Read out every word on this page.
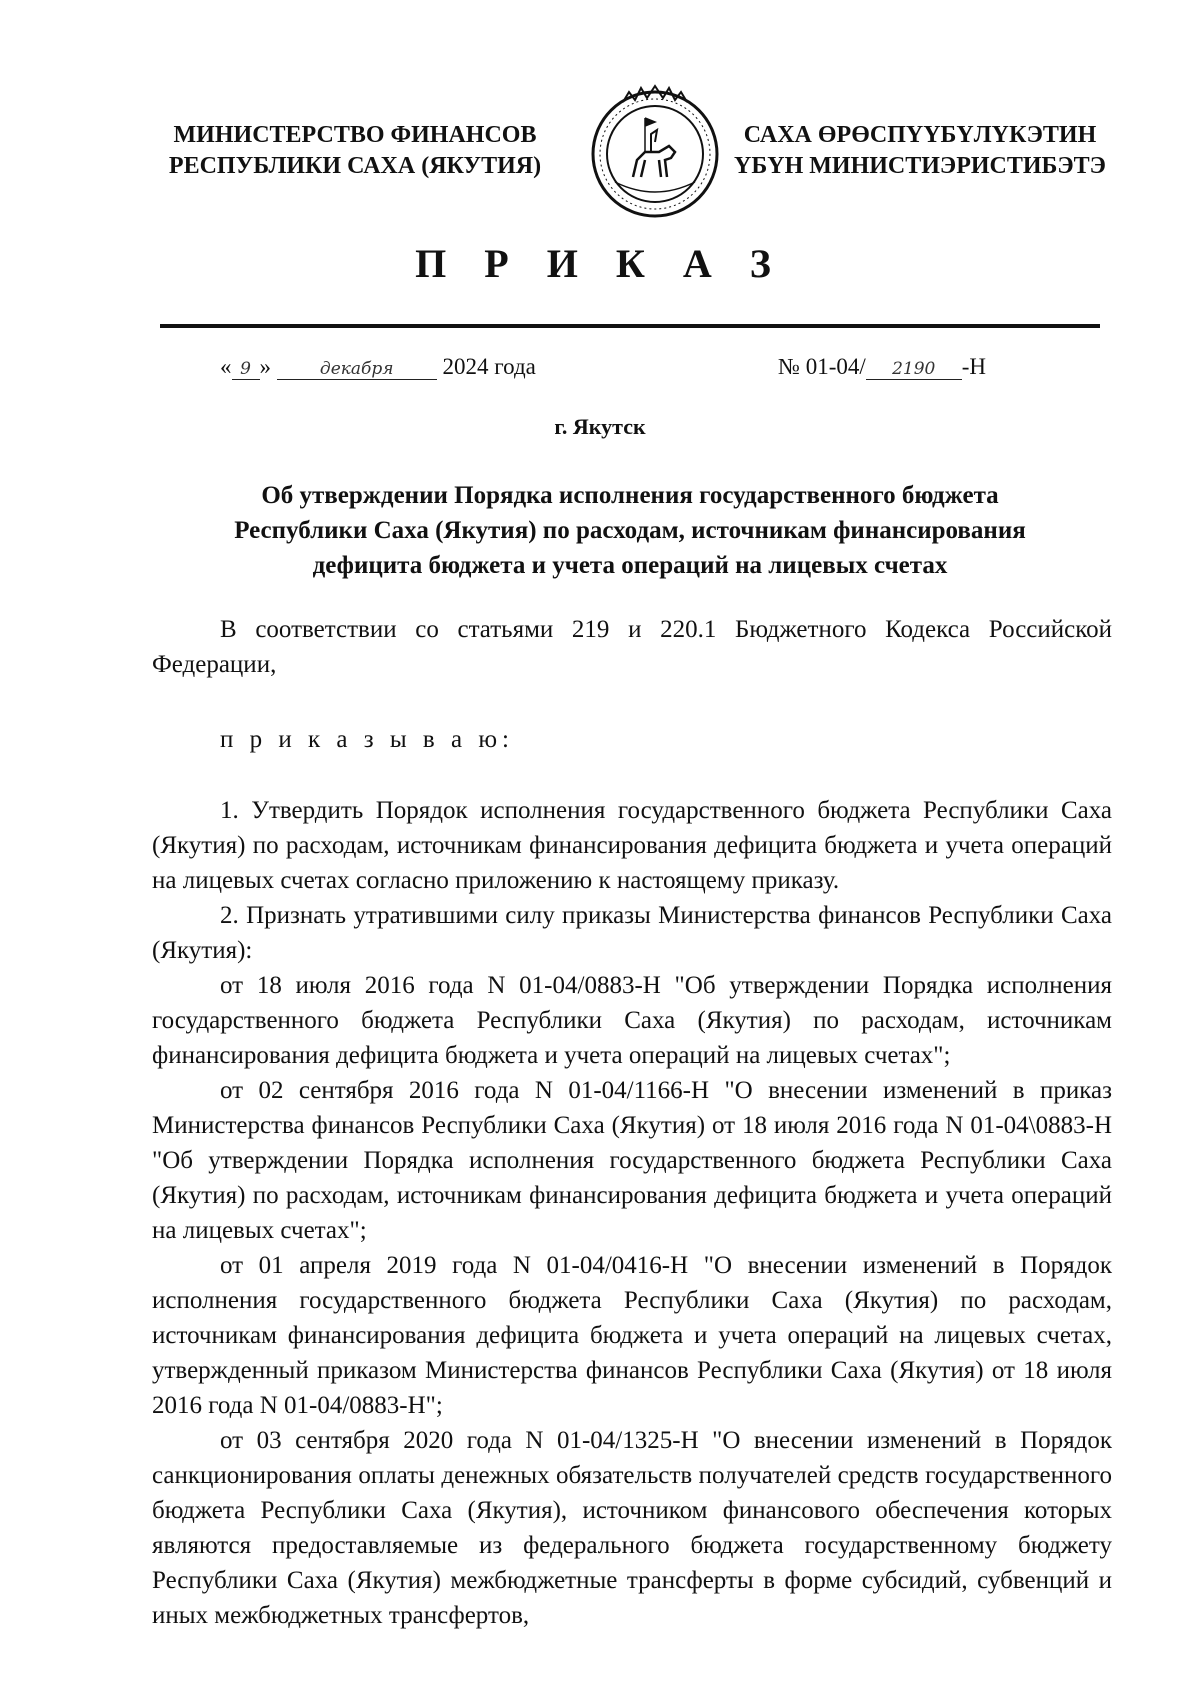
МИНИСТЕРСТВО ФИНАНСОВ
РЕСПУБЛИКИ САХА (ЯКУТИЯ)
САХА ӨРӨСПҮҮБҮЛҮКЭТИН
ҮБҮН МИНИСТИЭРИСТИБЭТЭ
П Р И К А З
« 9 »	декабря 2024 года	№ 01-04/ 2190 -Н
г. Якутск
Об утверждении Порядка исполнения государственного бюджета
Республики Саха (Якутия) по расходам, источникам финансирования
дефицита бюджета и учета операций на лицевых счетах

В соответствии со статьями 219 и 220.1 Бюджетного Кодекса Российской Федерации,

п р и к а з ы в а ю:

1. Утвердить Порядок исполнения государственного бюджета Республики Саха (Якутия) по расходам, источникам финансирования дефицита бюджета и учета операций на лицевых счетах согласно приложению к настоящему приказу.

2. Признать утратившими силу приказы Министерства финансов Республики Саха (Якутия):

от 18 июля 2016 года N 01-04/0883-Н "Об утверждении Порядка исполнения государственного бюджета Республики Саха (Якутия) по расходам, источникам финансирования дефицита бюджета и учета операций на лицевых счетах";

от 02 сентября 2016 года N 01-04/1166-Н "О внесении изменений в приказ Министерства финансов Республики Саха (Якутия) от 18 июля 2016 года N 01-04\0883-Н "Об утверждении Порядка исполнения государственного бюджета Республики Саха (Якутия) по расходам, источникам финансирования дефицита бюджета и учета операций на лицевых счетах";

от 01 апреля 2019 года N 01-04/0416-Н "О внесении изменений в Порядок исполнения государственного бюджета Республики Саха (Якутия) по расходам, источникам финансирования дефицита бюджета и учета операций на лицевых счетах, утвержденный приказом Министерства финансов Республики Саха (Якутия) от 18 июля 2016 года N 01-04/0883-Н";

от 03 сентября 2020 года N 01-04/1325-Н "О внесении изменений в Порядок санкционирования оплаты денежных обязательств получателей средств государственного бюджета Республики Саха (Якутия), источником финансового обеспечения которых являются предоставляемые из федерального бюджета государственному бюджету Республики Саха (Якутия) межбюджетные трансферты в форме субсидий, субвенций и иных межбюджетных трансфертов,
